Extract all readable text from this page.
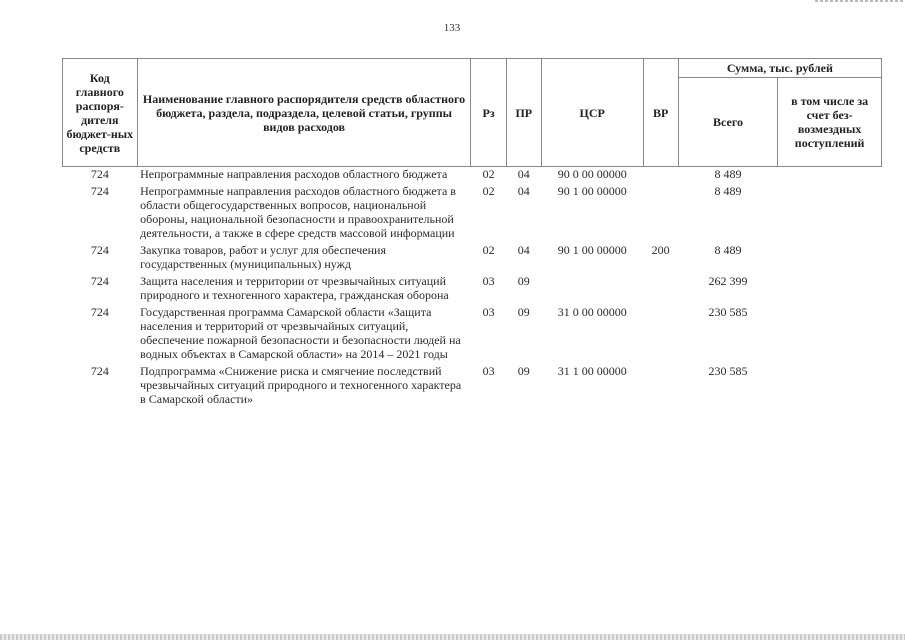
133
Код главного распоря-дителя бюджет-ных средств	Наименование главного распорядителя средств областного бюджета, раздела, подраздела, целевой статьи, группы видов расходов	Рз	ПР	ЦСР	ВР	Сумма, тыс. рублей	
						Всего	в том числе за счет без-возмездных поступлений
724	Непрограммные направления расходов областного бюджета	02	04	90 0 00 00000		8 489	
724	Непрограммные направления расходов областного бюджета в области общегосударственных вопросов, национальной обороны, национальной безопасности и правоохранительной деятельности, а также в сфере средств массовой информации	02	04	90 1 00 00000		8 489	
724	Закупка товаров, работ и услуг для обеспечения государственных (муниципальных) нужд	02	04	90 1 00 00000	200	8 489	
724	Защита населения и территории от чрезвычайных ситуаций природного и техногенного характера, гражданская оборона	03	09			262 399	
724	Государственная программа Самарской области «Защита населения и территорий от чрезвычайных ситуаций, обеспечение пожарной безопасности и безопасности людей на водных объектах в Самарской области» на 2014 – 2021 годы	03	09	31 0 00 00000		230 585	
724	Подпрограмма «Снижение риска и смягчение последствий чрезвычайных ситуаций природного и техногенного характера в Самарской области»	03	09	31 1 00 00000		230 585	
